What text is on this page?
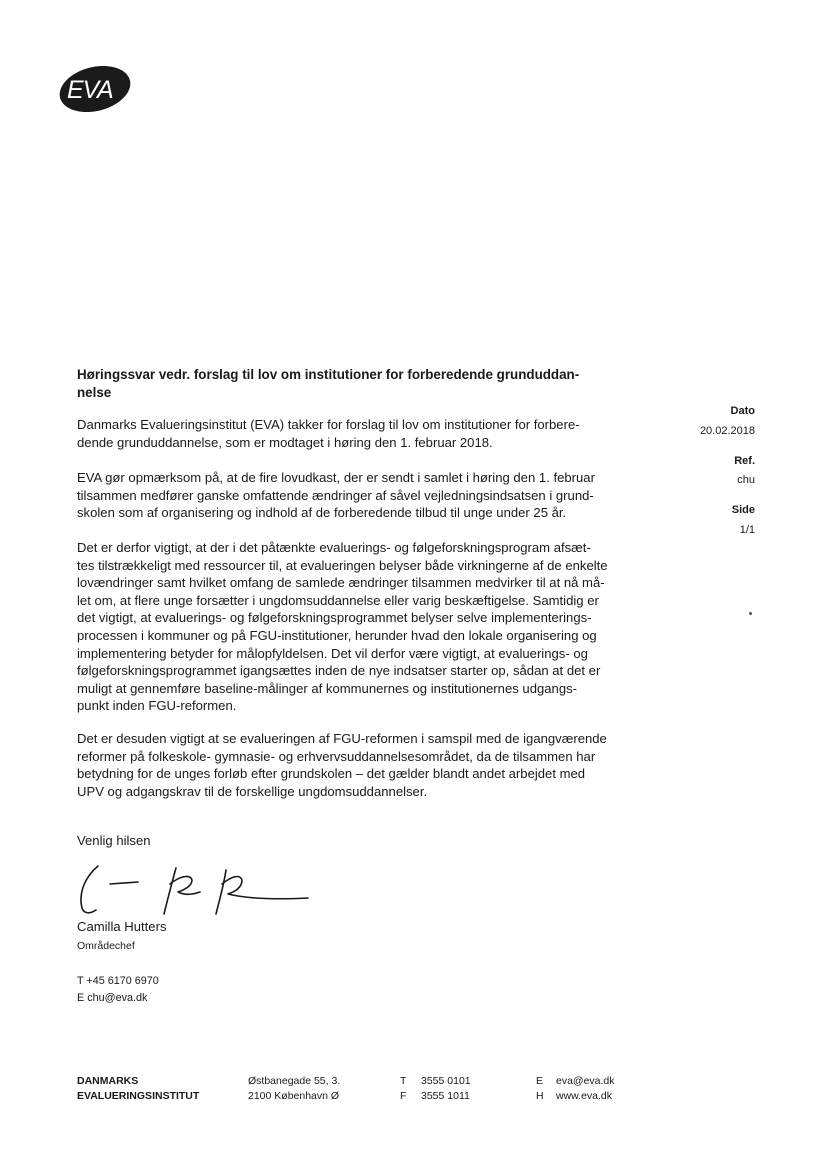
EVA
Høringssvar vedr. forslag til lov om institutioner for forberedende grunduddan-
nelse
Dato
20.02.2018
Ref.
chu
Side
1/1

Danmarks Evalueringsinstitut (EVA) takker for forslag til lov om institutioner for forbere-
dende grunduddannelse, som er modtaget i høring den 1. februar 2018.

EVA gør opmærksom på, at de fire lovudkast, der er sendt i samlet i høring den 1. februar
tilsammen medfører ganske omfattende ændringer af såvel vejledningsindsatsen i grund-
skolen som af organisering og indhold af de forberedende tilbud til unge under 25 år.

Det er derfor vigtigt, at der i det påtænkte evaluerings- og følgeforskningsprogram afsæt-
tes tilstrækkeligt med ressourcer til, at evalueringen belyser både virkningerne af de enkelte
lovændringer samt hvilket omfang de samlede ændringer tilsammen medvirker til at nå må-
let om, at flere unge forsætter i ungdomsuddannelse eller varig beskæftigelse. Samtidig er
det vigtigt, at evaluerings- og følgeforskningsprogrammet belyser selve implementerings-
processen i kommuner og på FGU-institutioner, herunder hvad den lokale organisering og
implementering betyder for målopfyldelsen. Det vil derfor være vigtigt, at evaluerings- og
følgeforskningsprogrammet igangsættes inden de nye indsatser starter op, sådan at det er
muligt at gennemføre baseline-målinger af kommunernes og institutionernes udgangs-
punkt inden FGU-reformen.

Det er desuden vigtigt at se evalueringen af FGU-reformen i samspil med de igangværende
reformer på folkeskole- gymnasie- og erhvervsuddannelsesområdet, da de tilsammen har
betydning for de unges forløb efter grundskolen – det gælder blandt andet arbejdet med
UPV og adgangskrav til de forskellige ungdomsuddannelser.

Venlig hilsen
Camilla Hutters
Områdechef
T +45 6170 6970
E chu@eva.dk
DANMARKS
EVALUERINGSINSTITUT
Østbanegade 55, 3.
2100 København Ø
T
F
3555 0101
3555 1011
E
H
eva@eva.dk
www.eva.dk
